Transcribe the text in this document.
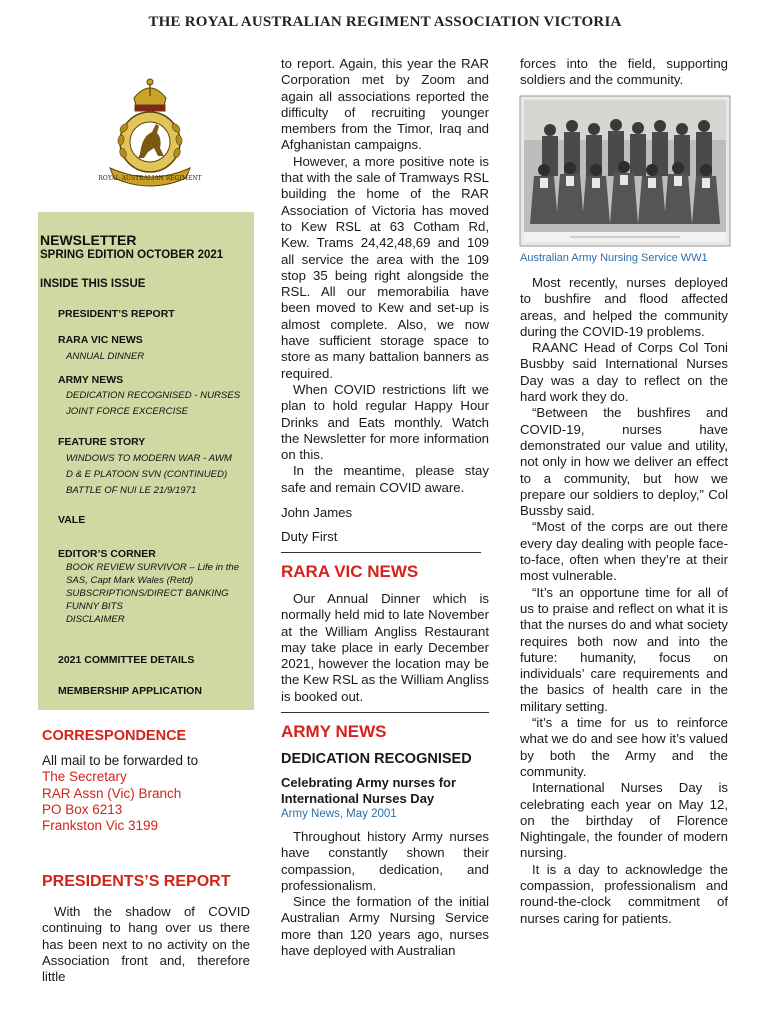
THE ROYAL AUSTRALIAN REGIMENT ASSOCIATION VICTORIA
ROYAL AUSTRALIAN REGIMENT
NEWSLETTER
SPRING EDITION OCTOBER 2021
INSIDE THIS ISSUE
PRESIDENT’S REPORT
RARA VIC NEWS
ANNUAL DINNER
ARMY NEWS
DEDICATION RECOGNISED - NURSES
JOINT FORCE EXCERCISE
FEATURE STORY
WINDOWS TO MODERN WAR - AWM
D & E PLATOON SVN (CONTINUED)
BATTLE OF NUI LE 21/9/1971
VALE
EDITOR’S CORNER
BOOK REVIEW SURVIVOR – Life in the
SAS, Capt Mark Wales (Retd)
SUBSCRIPTIONS/DIRECT BANKING
FUNNY BITS
DISCLAIMER
2021 COMMITTEE DETAILS
MEMBERSHIP APPLICATION
CORRESPONDENCE
All mail to be forwarded to
The Secretary
RAR Assn (Vic) Branch
PO Box 6213
Frankston Vic 3199
PRESIDENTS’S REPORT

With the shadow of COVID continuing to hang over us there has been next to no activity on the Association front and, therefore little

to report. Again, this year the RAR Corporation met by Zoom and again all associations reported the difficulty of recruiting younger members from the Timor, Iraq and Afghanistan campaigns.

However, a more positive note is that with the sale of Tramways RSL building the home of the RAR Association of Victoria has moved to Kew RSL at 63 Cotham Rd, Kew. Trams 24,42,48,69 and 109 all service the area with the 109 stop 35 being right alongside the RSL. All our memorabilia have been moved to Kew and set-up is almost complete. Also, we now have sufficient storage space to store as many battalion banners as required.

When COVID restrictions lift we plan to hold regular Happy Hour Drinks and Eats monthly. Watch the Newsletter for more information on this.

In the meantime, please stay safe and remain COVID aware.

John James
Duty First
RARA VIC NEWS

Our Annual Dinner which is normally held mid to late November at the William Angliss Restaurant may take place in early December 2021, however the location may be the Kew RSL as the William Angliss is booked out.

ARMY NEWS
DEDICATION RECOGNISED
Celebrating Army nurses for International Nurses Day
Army News, May 2001

Throughout history Army nurses have constantly shown their compassion, dedication, and professionalism.

Since the formation of the initial Australian Army Nursing Service more than 120 years ago, nurses have deployed with Australian

forces into the field, supporting soldiers and the community.

Australian Army Nursing Service WW1

Most recently, nurses deployed to bushfire and flood affected areas, and helped the community during the COVID-19 problems.

RAANC Head of Corps Col Toni Busbby said International Nurses Day was a day to reflect on the hard work they do.

“Between the bushfires and COVID-19, nurses have demonstrated our value and utility, not only in how we deliver an effect to a community, but how we prepare our soldiers to deploy,” Col Bussby said.

“Most of the corps are out there every day dealing with people face-to-face, often when they’re at their most vulnerable.

“It’s an opportune time for all of us to praise and reflect on what it is that the nurses do and what society requires both now and into the future: humanity, focus on individuals’ care requirements and the basics of health care in the military setting.

“it’s a time for us to reinforce what we do and see how it’s valued by both the Army and the community.

International Nurses Day is celebrating each year on May 12, on the birthday of Florence Nightingale, the founder of modern nursing.

It is a day to acknowledge the compassion, professionalism and round-the-clock commitment of nurses caring for patients.
